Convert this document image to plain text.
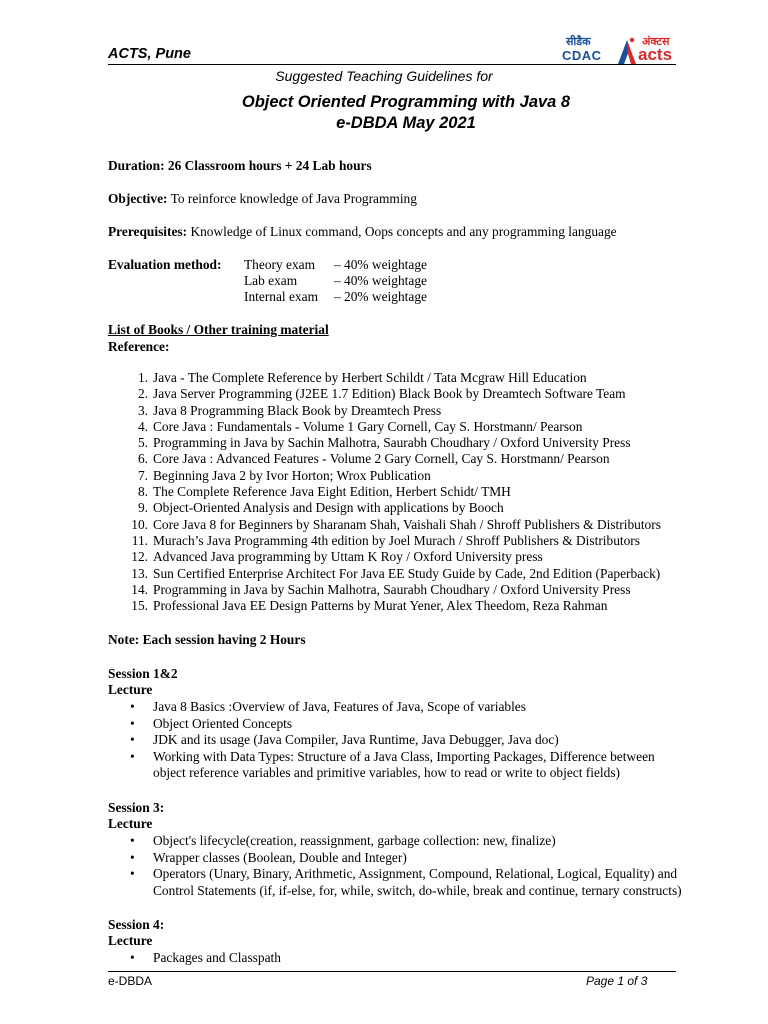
ACTS, Pune
सीडैक
CDAC
अंक्टस
acts
Suggested Teaching Guidelines for
Object Oriented Programming with Java 8
e-DBDA May 2021
Duration: 26 Classroom hours + 24 Lab hours
Objective: To reinforce knowledge of Java Programming
Prerequisites: Knowledge of Linux command, Oops concepts and any programming language
Evaluation method: Theory exam – 40% weightage
Lab exam	– 40% weightage
Internal exam – 20% weightage
List of Books / Other training material
Reference:
1. Java - The Complete Reference by Herbert Schildt / Tata Mcgraw Hill Education
2. Java Server Programming (J2EE 1.7 Edition) Black Book by Dreamtech Software Team
3. Java 8 Programming Black Book by Dreamtech Press
4. Core Java : Fundamentals - Volume 1 Gary Cornell, Cay S. Horstmann/ Pearson
5. Programming in Java by Sachin Malhotra, Saurabh Choudhary / Oxford University Press
6. Core Java : Advanced Features - Volume 2 Gary Cornell, Cay S. Horstmann/ Pearson
7. Beginning Java 2 by Ivor Horton; Wrox Publication
8. The Complete Reference Java Eight Edition, Herbert Schidt/ TMH
9. Object-Oriented Analysis and Design with applications by Booch
10. Core Java 8 for Beginners by Sharanam Shah, Vaishali Shah / Shroff Publishers & Distributors
11. Murach’s Java Programming 4th edition by Joel Murach / Shroff Publishers & Distributors
12. Advanced Java programming by Uttam K Roy / Oxford University press
13. Sun Certified Enterprise Architect For Java EE Study Guide by Cade, 2nd Edition (Paperback)
14. Programming in Java by Sachin Malhotra, Saurabh Choudhary / Oxford University Press
15. Professional Java EE Design Patterns by Murat Yener, Alex Theedom, Reza Rahman
Note: Each session having 2 Hours
Session 1&2
Lecture
• Java 8 Basics :Overview of Java, Features of Java, Scope of variables
• Object Oriented Concepts
• JDK and its usage (Java Compiler, Java Runtime, Java Debugger, Java doc)
• Working with Data Types: Structure of a Java Class, Importing Packages, Difference between
object reference variables and primitive variables, how to read or write to object fields)
Session 3:
Lecture
• Object's lifecycle(creation, reassignment, garbage collection: new, finalize)
• Wrapper classes (Boolean, Double and Integer)
• Operators (Unary, Binary, Arithmetic, Assignment, Compound, Relational, Logical, Equality) and
Control Statements (if, if-else, for, while, switch, do-while, break and continue, ternary constructs)
Session 4:
Lecture
• Packages and Classpath
e-DBDA	Page 1 of 3
